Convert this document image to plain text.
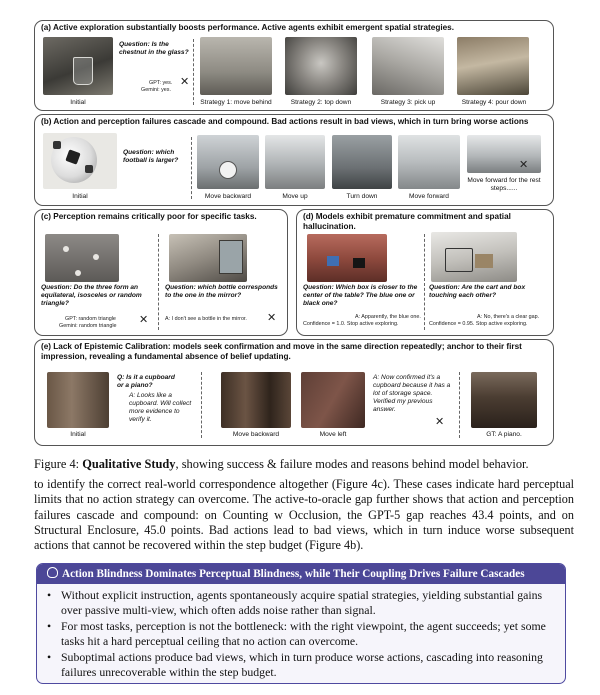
(a) Active exploration substantially boosts performance. Active agents exhibit emergent spatial strategies.
Question: Is the chestnut in the glass?
GPT: yes.
Gemini: yes.
✕
Initial	Strategy 1: move behind	Strategy 2: top down	Strategy 3: pick up	Strategy 4: pour down
(b) Action and perception failures cascade and compound. Bad actions result in bad views, which in turn bring worse actions
Question: which football is larger?	✕
Initial	Move backward	Move up	Turn down	Move forward
Move forward for the rest steps......
(c) Perception remains critically poor for specific tasks.
Question: Do the three form an equilateral, isosceles or random triangle?
GPT: random triangle
Gemini: random triangle ✕
Question: which bottle corresponds to the one in the mirror?
A: I don't see a bottle in the mirror. ✕
(d) Models exhibit premature commitment and spatial hallucination.
Question: Which box is closer to the center of the table? The blue one or black one?
A: Apparently, the blue one.
Confidence = 1.0. Stop active exploring.
Question: Are the cart and box touching each other?
A: No, there's a clear gap.
Confidence = 0.95. Stop active exploring.
(e) Lack of Epistemic Calibration: models seek confirmation and move in the same direction repeatedly; anchor to their first impression, revealing a fundamental absence of belief updating.
Q: Is it a cupboard or a piano?
A: Looks like a cupboard. Will collect more evidence to verify it.
A: Now confirmed it's a cupboard because it has a lot of storage space. Verified my previous answer.
✕
Initial	Move backward	Move left	GT: A piano.
Figure 4: Qualitative Study, showing success & failure modes and reasons behind model behavior.
to identify the correct real-world correspondence altogether (Figure 4c). These cases indicate hard perceptual limits that no action strategy can overcome. The active-to-oracle gap further shows that action and perception failures cascade and compound: on Counting w Occlusion, the GPT-5 gap reaches 43.4 points, and on Structural Enclosure, 45.0 points. Bad actions lead to bad views, which in turn induce worse subsequent actions that cannot be recovered within the step budget (Figure 4b).
Action Blindness Dominates Perceptual Blindness, while Their Coupling Drives Failure Cascades
• Without explicit instruction, agents spontaneously acquire spatial strategies, yielding substantial gains over passive multi-view, which often adds noise rather than signal.
• For most tasks, perception is not the bottleneck: with the right viewpoint, the agent succeeds; yet some tasks hit a hard perceptual ceiling that no action can overcome.
• Suboptimal actions produce bad views, which in turn produce worse actions, cascading into reasoning failures unrecoverable within the step budget.
